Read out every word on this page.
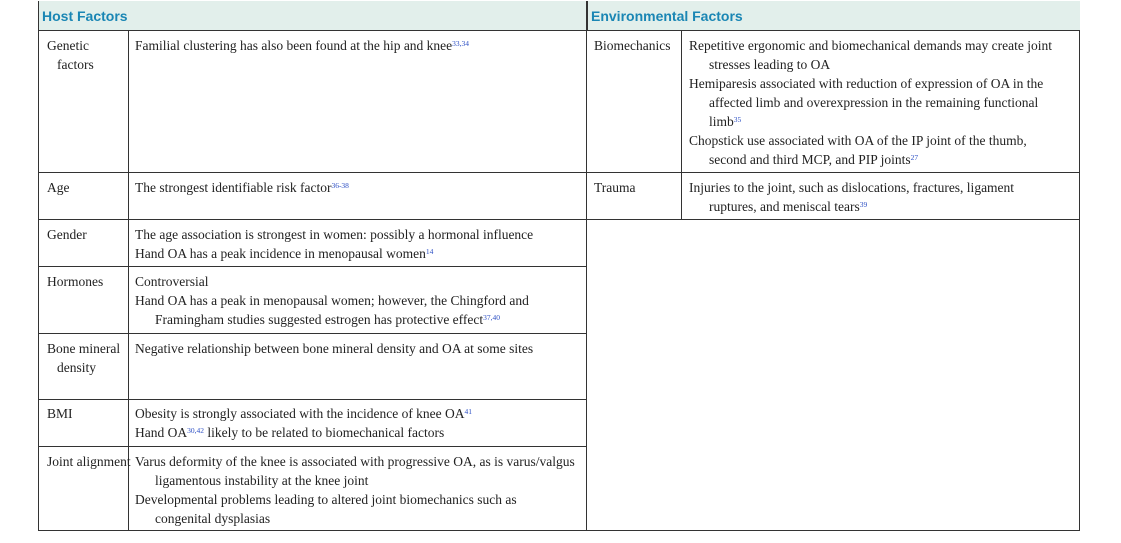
Host Factors	Environmental Factors
Genetic factors
Age
Gender
Hormones
Bone mineral density
BMI
Joint alignment

Familial clustering has also been found at the hip and knee$^{33,34}$

The strongest identifiable risk factor$^{36-38}$

The age association is strongest in women: possibly a hormonal influence

Hand OA has a peak incidence in menopausal women$^{14}$

Controversial

Hand OA has a peak in menopausal women; however, the Chingford and Framingham studies suggested estrogen has protective effect$^{37,40}$

Negative relationship between bone mineral density and OA at some sites

Obesity is strongly associated with the incidence of knee OA$^{41}$

Hand OA$^{30,42}$ likely to be related to biomechanical factors

Varus deformity of the knee is associated with progressive OA, as is varus/valgus ligamentous instability at the knee joint

Developmental problems leading to altered joint biomechanics such as congenital dysplasias

Biomechanics
Trauma

Repetitive ergonomic and biomechanical demands may create joint stresses leading to OA

Hemiparesis associated with reduction of expression of OA in the affected limb and overexpression in the remaining functional limb$^{35}$

Chopstick use associated with OA of the IP joint of the thumb, second and third MCP, and PIP joints$^{27}$

Injuries to the joint, such as dislocations, fractures, ligament ruptures, and meniscal tears$^{39}$
